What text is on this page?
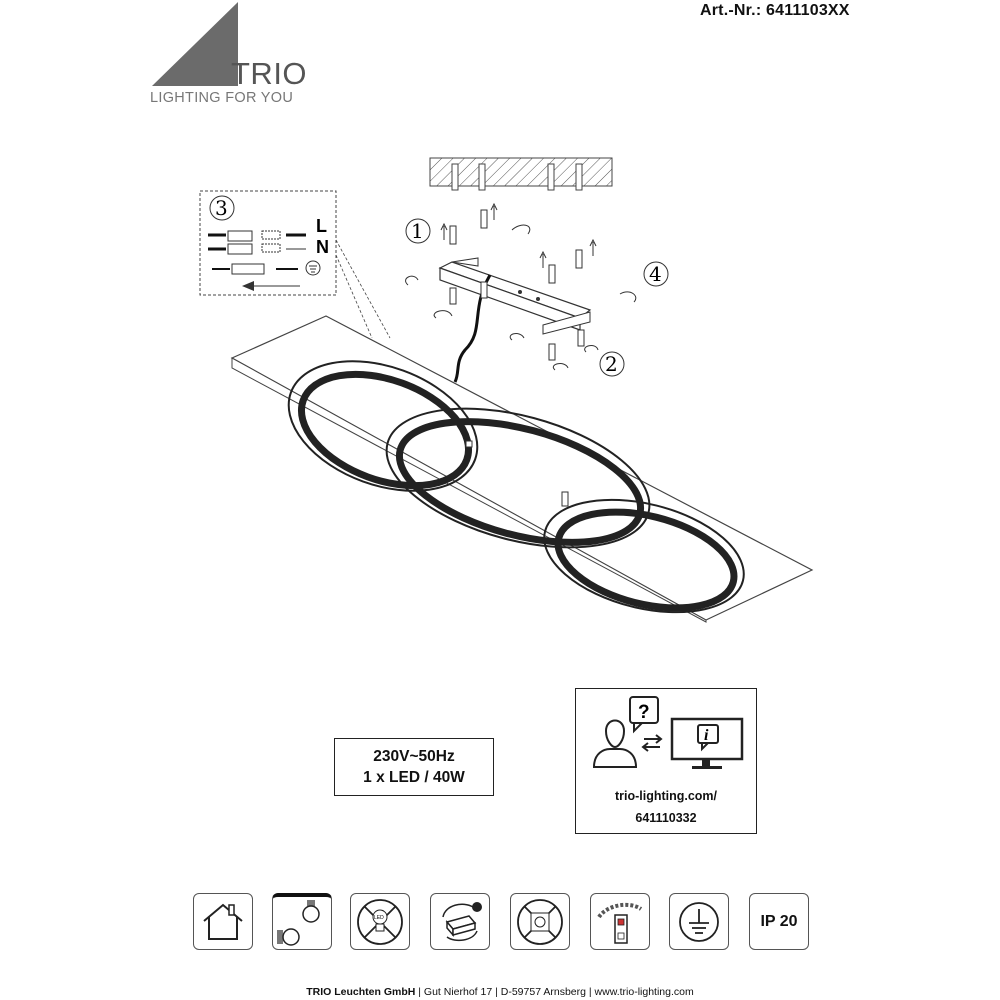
Art.-Nr.: 6411103XX
TRIO
LIGHTING FOR YOU
3
1
4
2
L
N
230V~50Hz
1 x LED / 40W
?
i
trio-lighting.com/
641110332
LED	IP 20
TRIO Leuchten GmbH | Gut Nierhof 17 | D-59757 Arnsberg | www.trio-lighting.com
